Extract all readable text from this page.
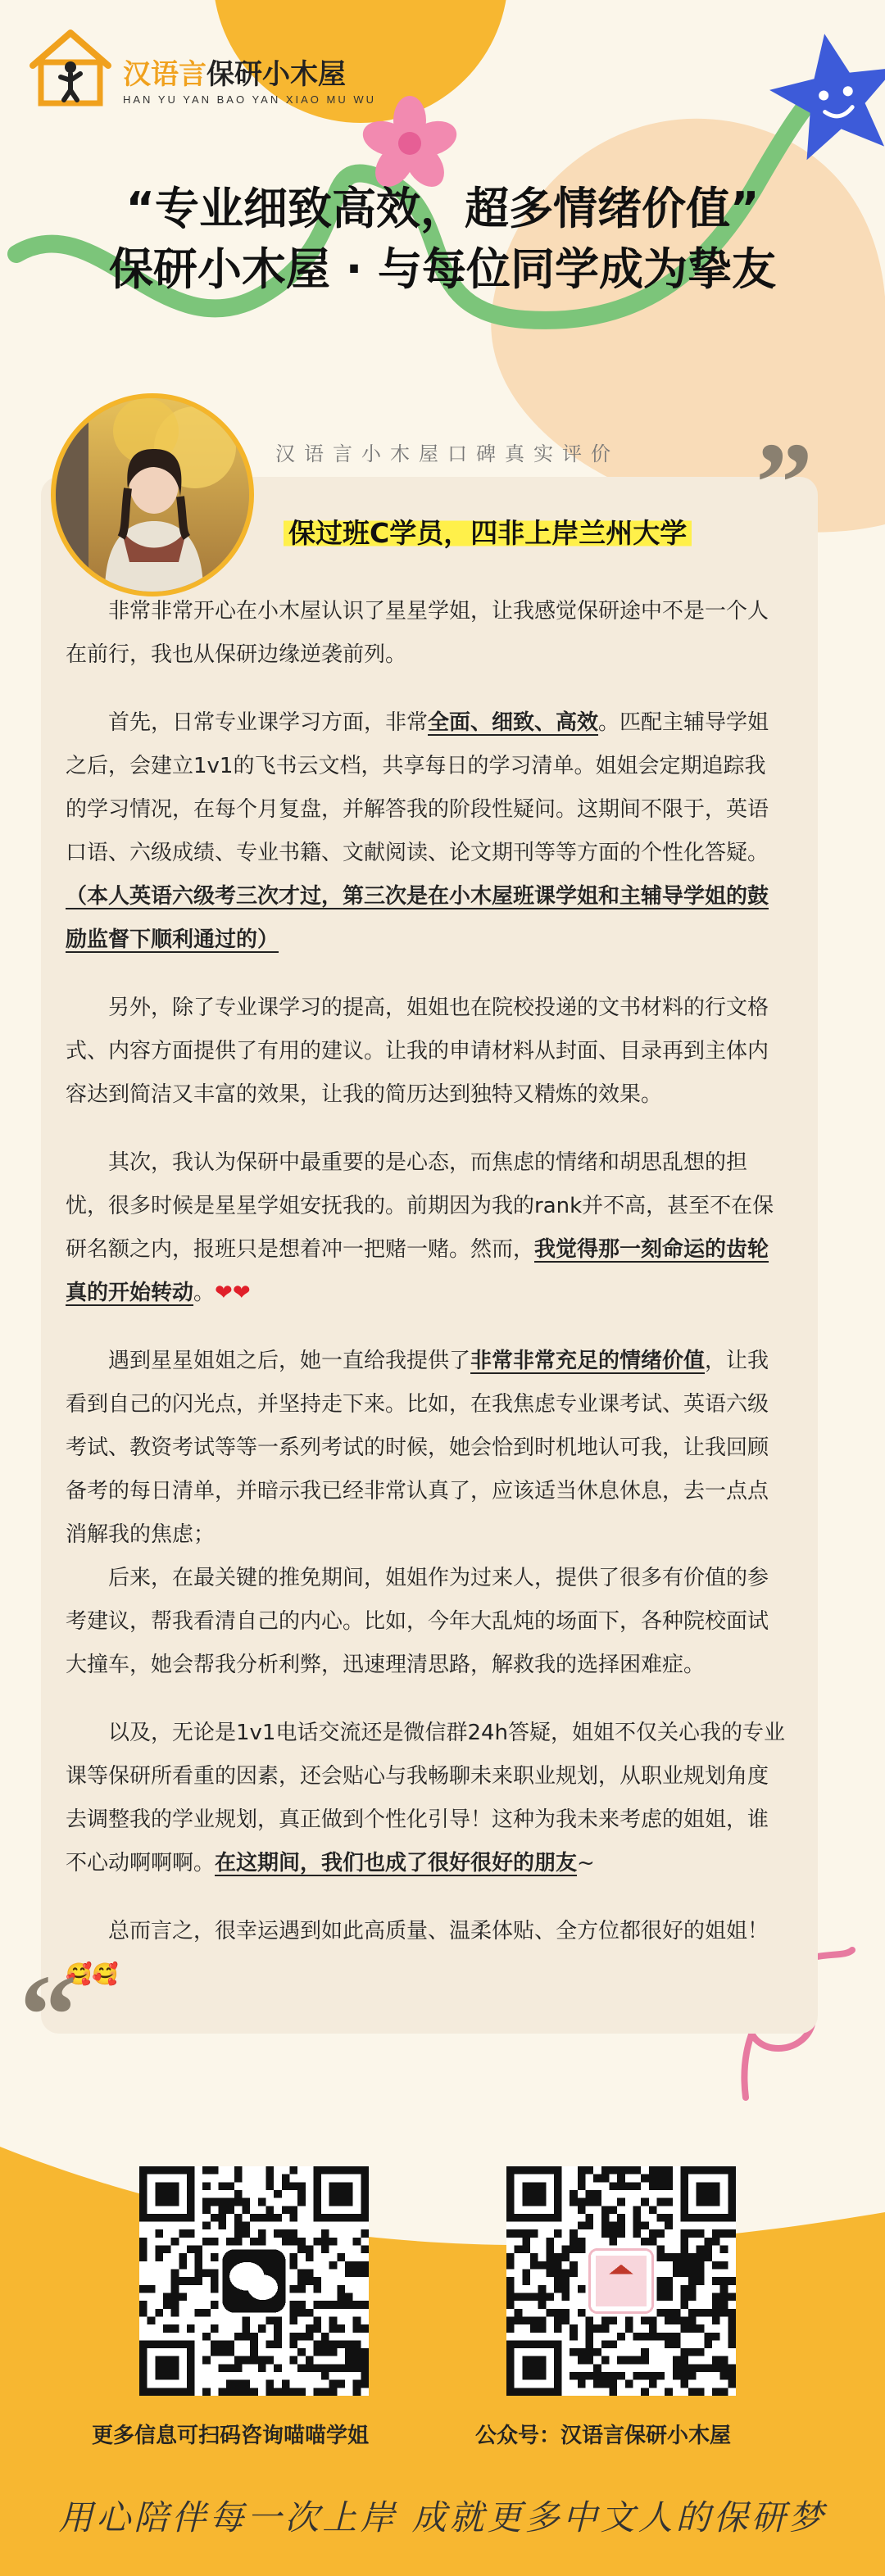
汉语言保研小木屋
HAN YU YAN BAO YAN XIAO MU WU
“专业细致高效，超多情绪价值”
保研小木屋 · 与每位同学成为挚友
汉语言小木屋口碑真实评价 ”
保过班C学员，四非上岸兰州大学

非常非常开心在小木屋认识了星星学姐，让我感觉保研途中不是一个人在前行，我也从保研边缘逆袭前列。

首先，日常专业课学习方面，非常全面、细致、高效。匹配主辅导学姐之后，会建立1v1的飞书云文档，共享每日的学习清单。姐姐会定期追踪我的学习情况，在每个月复盘，并解答我的阶段性疑问。这期间不限于，英语口语、六级成绩、专业书籍、文献阅读、论文期刊等等方面的个性化答疑。

（本人英语六级考三次才过，第三次是在小木屋班课学姐和主辅导学姐的鼓励监督下顺利通过的）

另外，除了专业课学习的提高，姐姐也在院校投递的文书材料的行文格式、内容方面提供了有用的建议。让我的申请材料从封面、目录再到主体内容达到简洁又丰富的效果，让我的简历达到独特又精炼的效果。

其次，我认为保研中最重要的是心态，而焦虑的情绪和胡思乱想的担忧，很多时候是星星学姐安抚我的。前期因为我的rank并不高，甚至不在保研名额之内，报班只是想着冲一把赌一赌。然而，我觉得那一刻命运的齿轮真的开始转动。❤❤

遇到星星姐姐之后，她一直给我提供了非常非常充足的情绪价值，让我看到自己的闪光点，并坚持走下来。比如，在我焦虑专业课考试、英语六级考试、教资考试等等一系列考试的时候，她会恰到时机地认可我，让我回顾备考的每日清单，并暗示我已经非常认真了，应该适当休息休息，去一点点消解我的焦虑；

后来，在最关键的推免期间，姐姐作为过来人，提供了很多有价值的参考建议，帮我看清自己的内心。比如，今年大乱炖的场面下，各种院校面试大撞车，她会帮我分析利弊，迅速理清思路，解救我的选择困难症。

以及，无论是1v1电话交流还是微信群24h答疑，姐姐不仅关心我的专业课等保研所看重的因素，还会贴心与我畅聊未来职业规划，从职业规划角度去调整我的学业规划，真正做到个性化引导！这种为我未来考虑的姐姐，谁不心动啊啊啊。在这期间，我们也成了很好很好的朋友~

总而言之，很幸运遇到如此高质量、温柔体贴、全方位都很好的姐姐！

🥰🥰
“
更多信息可扫码咨询喵喵学姐	公众号：汉语言保研小木屋
用心陪伴每一次上岸 成就更多中文人的保研梦
